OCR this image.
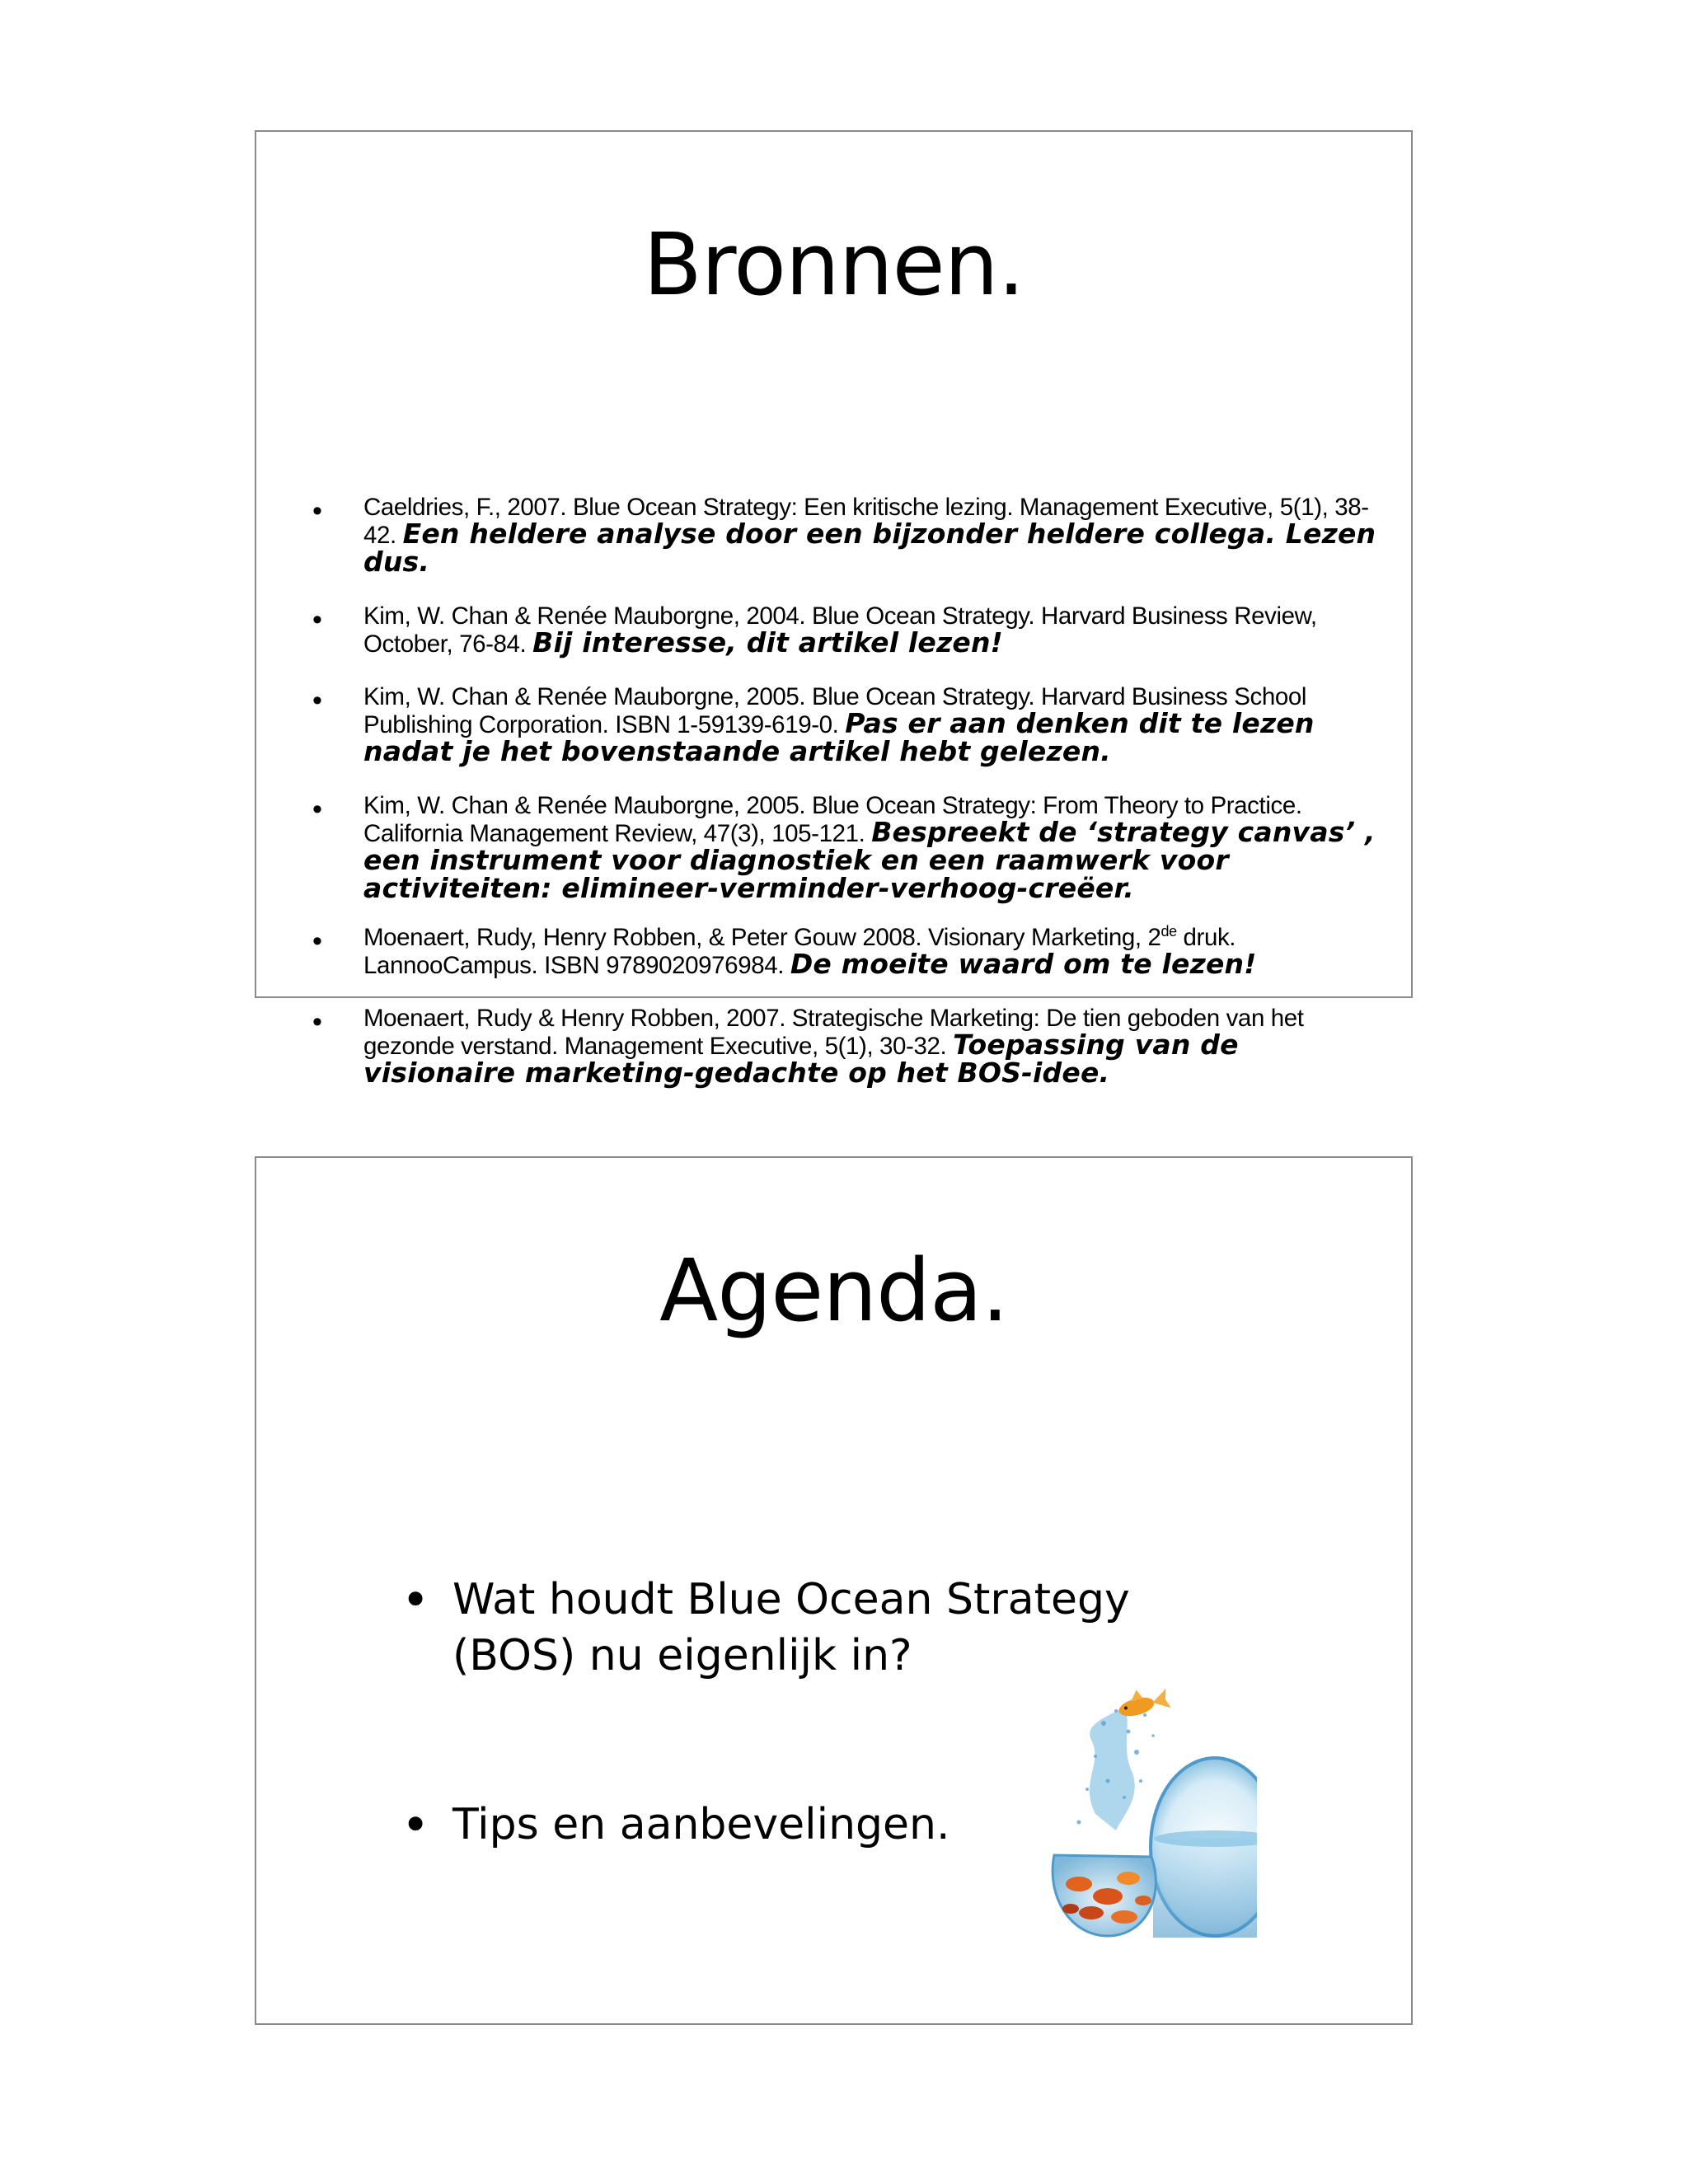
Bronnen.
• Caeldries, F., 2007. Blue Ocean Strategy: Een kritische lezing. Management Executive, 5(1), 38-42. Een heldere analyse door een bijzonder heldere collega. Lezen dus.
• Kim, W. Chan & Renée Mauborgne, 2004. Blue Ocean Strategy. Harvard Business Review, October, 76-84. Bij interesse, dit artikel lezen!
• Kim, W. Chan & Renée Mauborgne, 2005. Blue Ocean Strategy. Harvard Business School Publishing Corporation. ISBN 1-59139-619-0. Pas er aan denken dit te lezen nadat je het bovenstaande artikel hebt gelezen.
• Kim, W. Chan & Renée Mauborgne, 2005. Blue Ocean Strategy: From Theory to Practice. California Management Review, 47(3), 105-121. Bespreekt de ‘strategy canvas’ , een instrument voor diagnostiek en een raamwerk voor activiteiten: elimineer-verminder-verhoog-creëer.
• Moenaert, Rudy, Henry Robben, & Peter Gouw 2008. Visionary Marketing, 2de druk. LannooCampus. ISBN 9789020976984. De moeite waard om te lezen!
• Moenaert, Rudy & Henry Robben, 2007. Strategische Marketing: De tien geboden van het gezonde verstand. Management Executive, 5(1), 30-32. Toepassing van de visionaire marketing-gedachte op het BOS-idee.
Agenda.
• Wat houdt Blue Ocean Strategy (BOS) nu eigenlijk in?
• Tips en aanbevelingen.
